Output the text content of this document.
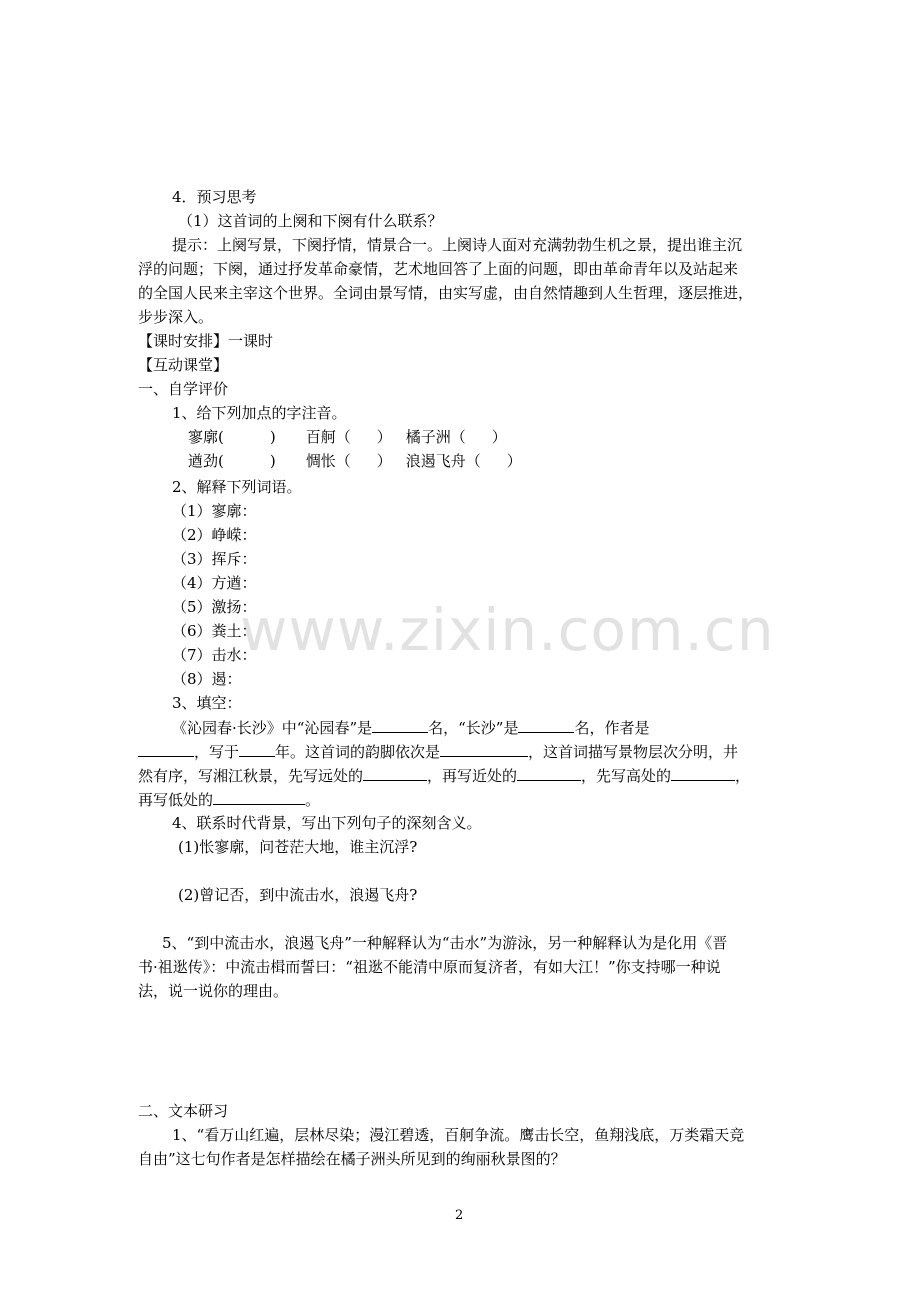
4．预习思考
（1）这首词的上阕和下阕有什么联系？
提示：上阕写景，下阕抒情，情景合一。上阕诗人面对充满勃勃生机之景，提出谁主沉
浮的问题；下阕，通过抒发革命豪情，艺术地回答了上面的问题，即由革命青年以及站起来
的全国人民来主宰这个世界。全词由景写情，由实写虚，由自然情趣到人生哲理，逐层推进，
步步深入。
【课时安排】一课时
【互动课堂】
一、自学评价
1、给下列加点的字注音。
寥廓(	) 百舸（ ） 橘子洲（ ）
遒劲(	) 惆怅（ ） 浪遏飞舟（ ）
2、解释下列词语。
（1）寥廓：
（2）峥嵘：
（3）挥斥：
（4）方遒：
（5）激扬：
（6）粪土：
（7）击水：
（8）遏：
3、填空：
《沁园春·长沙》中“沁园春”是	名，“长沙”是	名，作者是
，写于 年。这首词的韵脚依次是	，这首词描写景物层次分明，井
然有序，写湘江秋景，先写远处的	，再写近处的	，先写高处的	，
再写低处的	。
4、联系时代背景，写出下列句子的深刻含义。
(1)怅寥廓，问苍茫大地，谁主沉浮?
(2)曾记否，到中流击水，浪遏飞舟?
5、“到中流击水，浪遏飞舟”一种解释认为“击水”为游泳，另一种解释认为是化用《晋
书·祖逖传》：中流击楫而誓曰：“祖逖不能清中原而复济者，有如大江！”你支持哪一种说
法，说一说你的理由。
二、文本研习
1、“看万山红遍，层林尽染；漫江碧透，百舸争流。鹰击长空，鱼翔浅底，万类霜天竞
自由”这七句作者是怎样描绘在橘子洲头所见到的绚丽秋景图的？
www.zixin.com.cn
2
